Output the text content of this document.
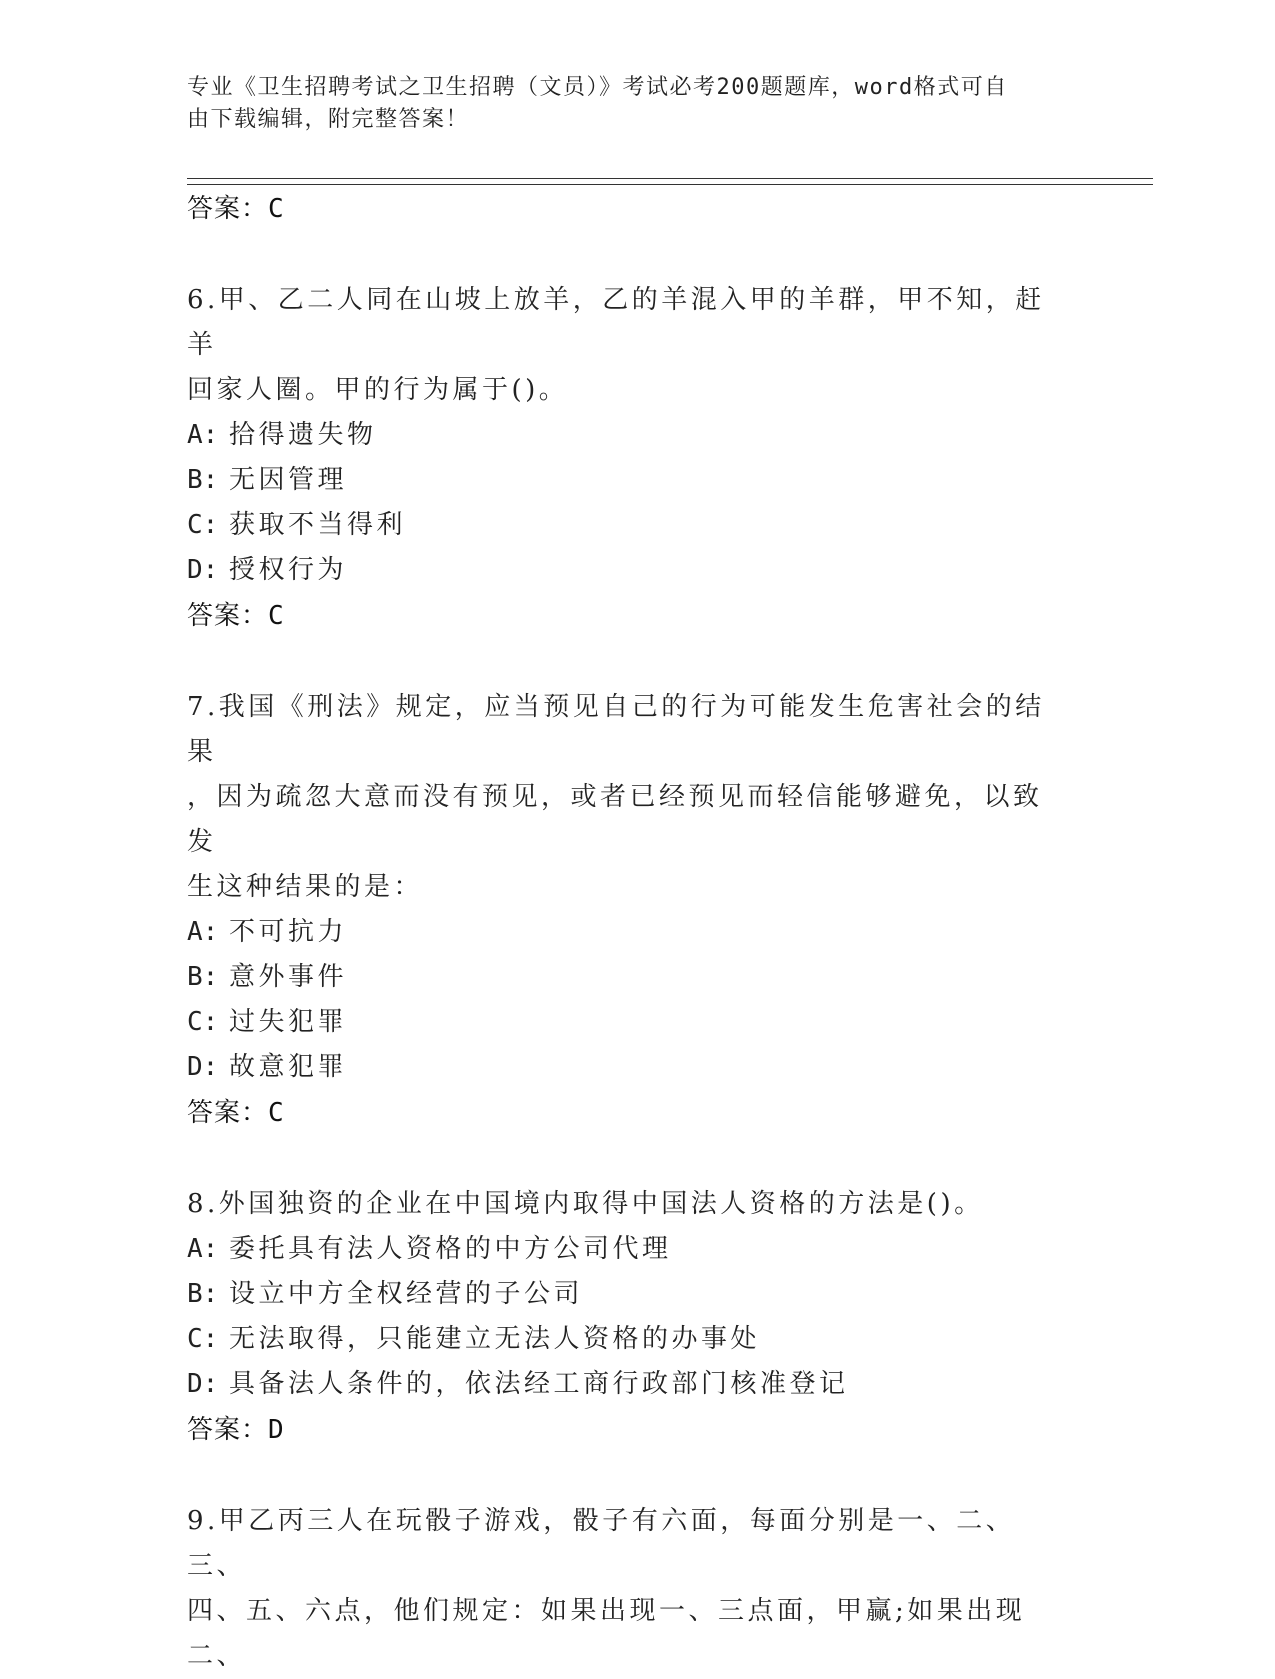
专业《卫生招聘考试之卫生招聘（文员）》考试必考200题题库，word格式可自
由下载编辑，附完整答案！
答案：C
6.甲、乙二人同在山坡上放羊，乙的羊混入甲的羊群，甲不知，赶羊
回家人圈。甲的行为属于()。
A: 拾得遗失物
B: 无因管理
C: 获取不当得利
D: 授权行为
答案：C
7.我国《刑法》规定，应当预见自己的行为可能发生危害社会的结果
，因为疏忽大意而没有预见，或者已经预见而轻信能够避免，以致发
生这种结果的是：
A: 不可抗力
B: 意外事件
C: 过失犯罪
D: 故意犯罪
答案：C
8.外国独资的企业在中国境内取得中国法人资格的方法是()。
A: 委托具有法人资格的中方公司代理
B: 设立中方全权经营的子公司
C: 无法取得，只能建立无法人资格的办事处
D: 具备法人条件的，依法经工商行政部门核准登记
答案：D
9.甲乙丙三人在玩骰子游戏，骰子有六面，每面分别是一、二、三、
四、五、六点，他们规定：如果出现一、三点面，甲赢;如果出现二、
